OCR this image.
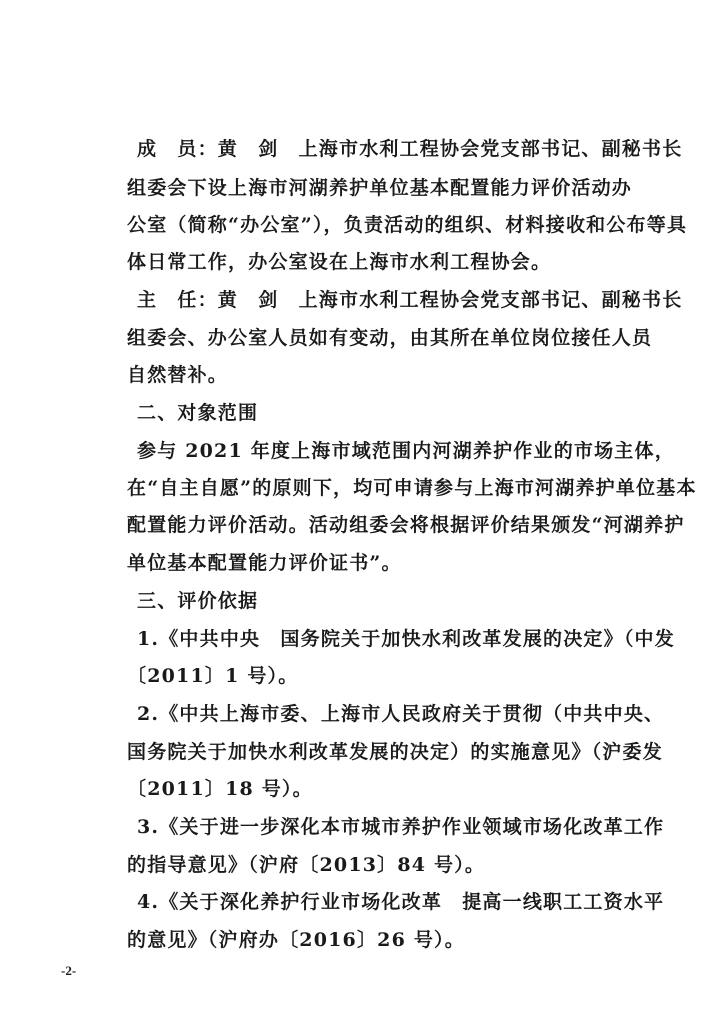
成　员：黄　剑　上海市水利工程协会党支部书记、副秘书长
组委会下设上海市河湖养护单位基本配置能力评价活动办
公室（简称“办公室”），负责活动的组织、材料接收和公布等具
体日常工作，办公室设在上海市水利工程协会。
主　任：黄　剑　上海市水利工程协会党支部书记、副秘书长
组委会、办公室人员如有变动，由其所在单位岗位接任人员
自然替补。
二、对象范围
参与 2021 年度上海市域范围内河湖养护作业的市场主体，
在“自主自愿”的原则下，均可申请参与上海市河湖养护单位基本
配置能力评价活动。活动组委会将根据评价结果颁发“河湖养护
单位基本配置能力评价证书”。
三、评价依据
1.《中共中央　国务院关于加快水利改革发展的决定》（中发
〔2011〕1 号）。
2.《中共上海市委、上海市人民政府关于贯彻（中共中央、
国务院关于加快水利改革发展的决定）的实施意见》（沪委发
〔2011〕18 号）。
3.《关于进一步深化本市城市养护作业领域市场化改革工作
的指导意见》（沪府〔2013〕84 号）。
4.《关于深化养护行业市场化改革　提高一线职工工资水平
的意见》（沪府办〔2016〕26 号）。
-2-
